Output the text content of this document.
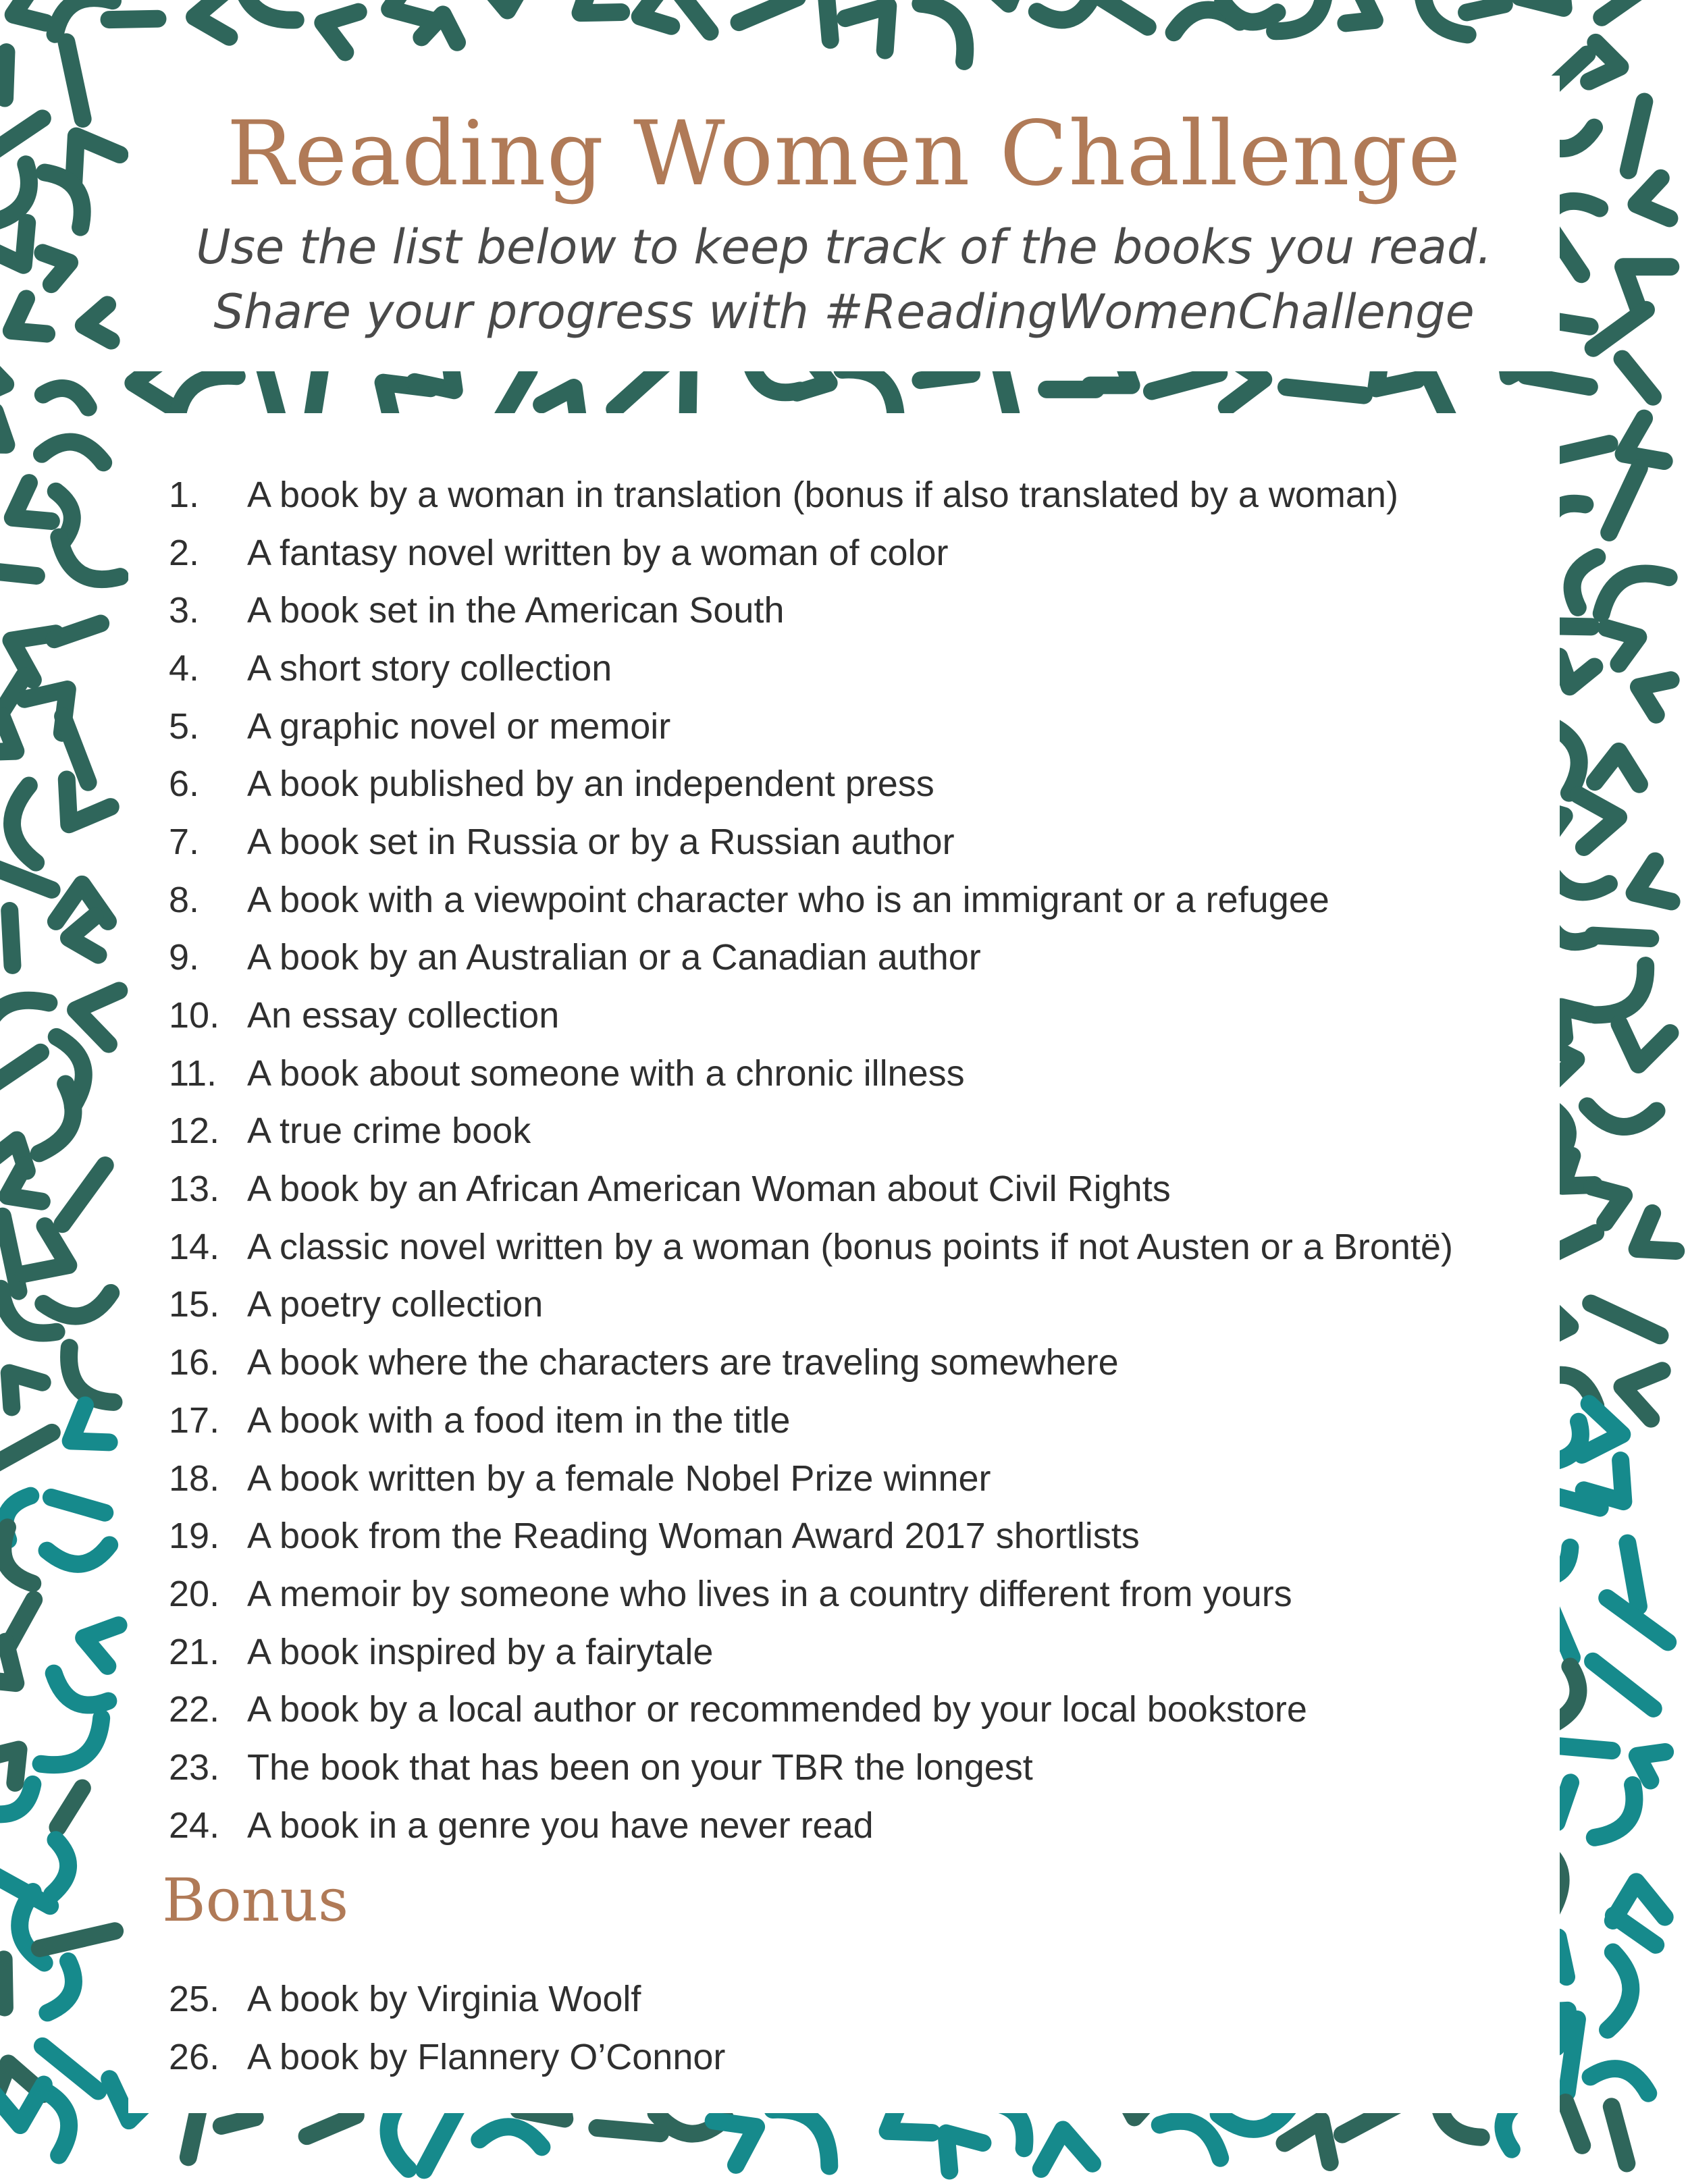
Reading Women Challenge
Use the list below to keep track of the books you read.
Share your progress with #ReadingWomenChallenge
1.	A book by a woman in translation (bonus if also translated by a woman)
2.	A fantasy novel written by a woman of color
3.	A book set in the American South
4.	A short story collection
5.	A graphic novel or memoir
6.	A book published by an independent press
7.	A book set in Russia or by a Russian author
8.	A book with a viewpoint character who is an immigrant or a refugee
9.	A book by an Australian or a Canadian author
10. An essay collection
11. A book about someone with a chronic illness
12. A true crime book
13. A book by an African American Woman about Civil Rights
14. A classic novel written by a woman (bonus points if not Austen or a Brontë)
15. A poetry collection
16. A book where the characters are traveling somewhere
17. A book with a food item in the title
18. A book written by a female Nobel Prize winner
19. A book from the Reading Woman Award 2017 shortlists
20. A memoir by someone who lives in a country different from yours
21. A book inspired by a fairytale
22. A book by a local author or recommended by your local bookstore
23. The book that has been on your TBR the longest
24. A book in a genre you have never read
Bonus
25. A book by Virginia Woolf
26. A book by Flannery O’Connor
